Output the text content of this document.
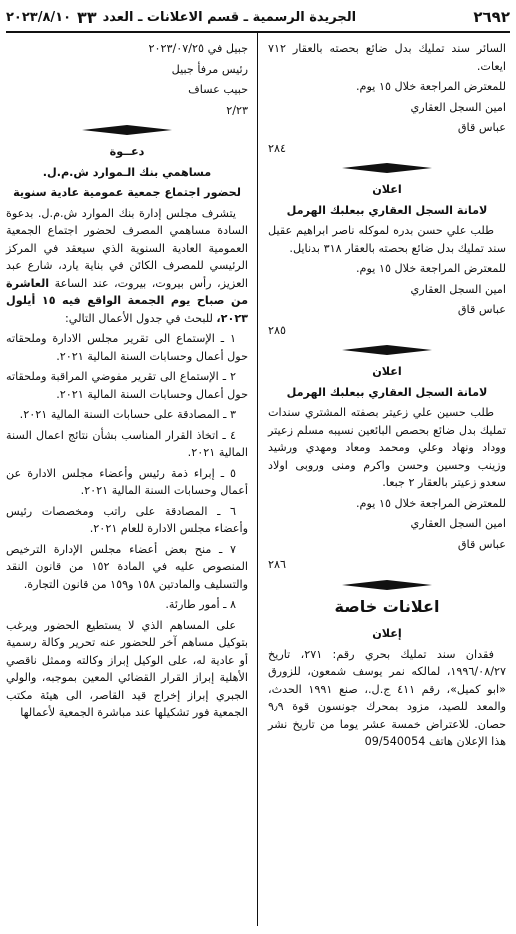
٢٦٩٢
الجريدة الرسمية ـ قسم الاعلانات ـ العدد
٣٣
٢٠٢٣/٨/١٠

السائر سند تمليك بدل ضائع بحصته بالعقار ٧١٢ ايعات.

للمعترض المراجعة خلال ١٥ يوم.

امين السجل العقاري

عباس قاق

٢٨٤

اعلان

لامانة السجل العقاري ببعلبك الهرمل

طلب علي حسن بدره لموكله ناصر ابراهيم عقيل سند تمليك بدل ضائع بحصته بالعقار ٣١٨ بدنايل.

للمعترض المراجعة خلال ١٥ يوم.

امين السجل العقاري

عباس قاق

٢٨٥

اعلان

لامانة السجل العقاري ببعلبك الهرمل

طلب حسين علي زعيتر بصفته المشتري سندات تمليك بدل ضائع بحصص البائعين نسيبه مسلم زعيتر ووداد ونهاد وعلي ومحمد ومعاد ومهدي ورشيد وزينب وحسين وحسن واكرم ومنى وروبى اولاد سعدو زعيتر بالعقار ٢ جبعا.

للمعترض المراجعة خلال ١٥ يوم.

امين السجل العقاري

عباس قاق

٢٨٦

اعلانات خاصة

إعلان

فقدان سند تمليك بحري رقم: ٢٧١، تاريخ ١٩٩٦/٠٨/٢٧، لمالكه نمر يوسف شمعون، للزورق «ابو كميل»، رقم ٤١١ ج.ل.، صنع ١٩٩١ الحدث، والمعد للصيد، مزود بمحرك جونسون قوة ٩٫٩ حصان. للاعتراض خمسة عشر يوما من تاريخ نشر هذا الإعلان هاتف 09/540054

جبيل في ٢٠٢٣/٠٧/٢٥

رئيس مرفأ جبيل

حبيب عساف

٢/٢٣

دعــوة

مساهمي بنك الـموارد ش.م.ل.

لحضور اجتماع جمعية عمومية عادية سنوية

يتشرف مجلس إدارة بنك الموارد ش.م.ل. بدعوة السادة مساهمي المصرف لحضور اجتماع الجمعية العمومية العادية السنوية الذي سيعقد في المركز الرئيسي للمصرف الكائن في بناية يارد، شارع عبد العزيز، رأس بيروت، بيروت، عند الساعة العاشرة من صباح يوم الجمعة الواقع فيه ١٥ أيلول ٢٠٢٣، للبحث في جدول الأعمال التالي:

١ ـ الإستماع الى تقرير مجلس الادارة وملحقاته حول أعمال وحسابات السنة المالية ٢٠٢١.

٢ ـ الإستماع الى تقرير مفوضي المراقبة وملحقاته حول أعمال وحسابات السنة المالية ٢٠٢١.

٣ ـ المصادقة على حسابات السنة المالية ٢٠٢١.

٤ ـ اتخاذ القرار المناسب بشأن نتائج اعمال السنة المالية ٢٠٢١.

٥ ـ إبراء ذمة رئيس وأعضاء مجلس الادارة عن أعمال وحسابات السنة المالية ٢٠٢١.

٦ ـ المصادقة على راتب ومخصصات رئيس وأعضاء مجلس الادارة للعام ٢٠٢١.

٧ ـ منح بعض أعضاء مجلس الإدارة الترخيص المنصوص عليه في المادة ١٥٢ من قانون النقد والتسليف والمادتين ١٥٨ و١٥٩ من قانون التجارة.

٨ ـ أمور طارئة.

على المساهم الذي لا يستطيع الحضور ويرغب بتوكيل مساهم آخر للحضور عنه تحرير وكالة رسمية أو عادية له، على الوكيل إبراز وكالته وممثل ناقصي الأهلية إبراز القرار القضائي المعين بموجبه، والولي الجبري إبراز إخراج قيد القاصر، الى هيئة مكتب الجمعية فور تشكيلها عند مباشرة الجمعية لأعمالها
